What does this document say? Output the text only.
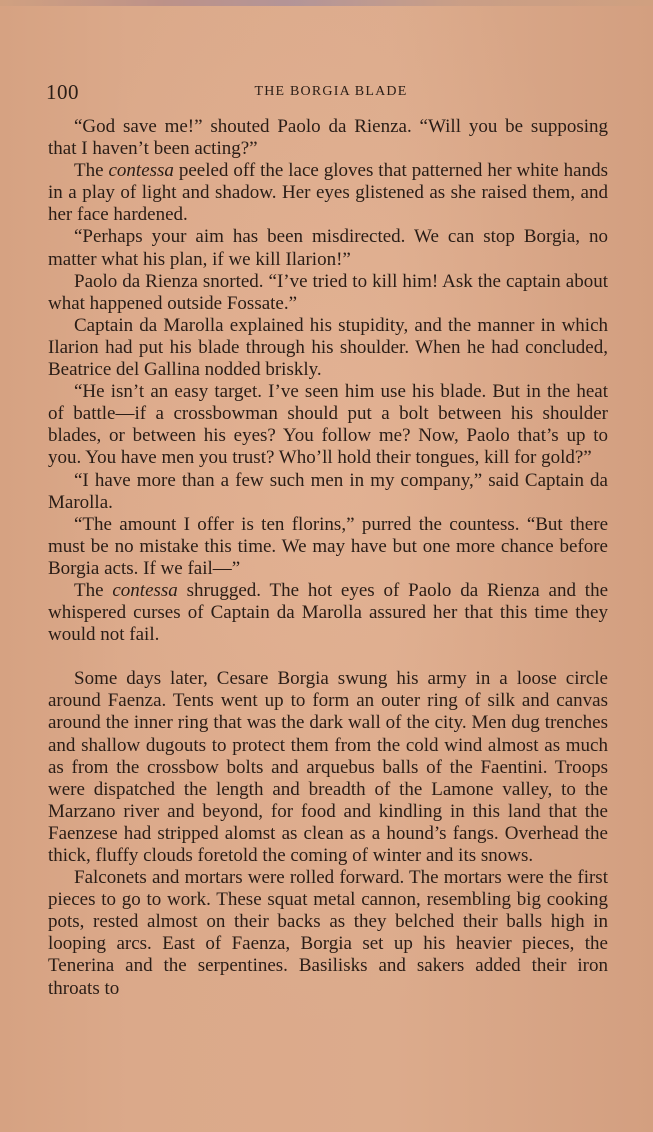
100	THE BORGIA BLADE

“God save me!” shouted Paolo da Rienza. “Will you be supposing that I haven’t been acting?”

The contessa peeled off the lace gloves that patterned her white hands in a play of light and shadow. Her eyes glistened as she raised them, and her face hardened.

“Perhaps your aim has been misdirected. We can stop Borgia, no matter what his plan, if we kill Ilarion!”

Paolo da Rienza snorted. “I’ve tried to kill him! Ask the captain about what happened outside Fossate.”

Captain da Marolla explained his stupidity, and the manner in which Ilarion had put his blade through his shoulder. When he had concluded, Beatrice del Gallina nodded briskly.

“He isn’t an easy target. I’ve seen him use his blade. But in the heat of battle—if a crossbowman should put a bolt between his shoulder blades, or between his eyes? You follow me? Now, Paolo that’s up to you. You have men you trust? Who’ll hold their tongues, kill for gold?”

“I have more than a few such men in my company,” said Captain da Marolla.

“The amount I offer is ten florins,” purred the countess. “But there must be no mistake this time. We may have but one more chance before Borgia acts. If we fail—”

The contessa shrugged. The hot eyes of Paolo da Rienza and the whispered curses of Captain da Marolla assured her that this time they would not fail.

Some days later, Cesare Borgia swung his army in a loose circle around Faenza. Tents went up to form an outer ring of silk and canvas around the inner ring that was the dark wall of the city. Men dug trenches and shallow dugouts to protect them from the cold wind almost as much as from the crossbow bolts and arquebus balls of the Faentini. Troops were dispatched the length and breadth of the Lamone valley, to the Marzano river and beyond, for food and kindling in this land that the Faenzese had stripped alomst as clean as a hound’s fangs. Overhead the thick, fluffy clouds foretold the coming of winter and its snows.

Falconets and mortars were rolled forward. The mortars were the first pieces to go to work. These squat metal cannon, resembling big cooking pots, rested almost on their backs as they belched their balls high in looping arcs. East of Faenza, Borgia set up his heavier pieces, the Tenerina and the serpentines. Basilisks and sakers added their iron throats to
